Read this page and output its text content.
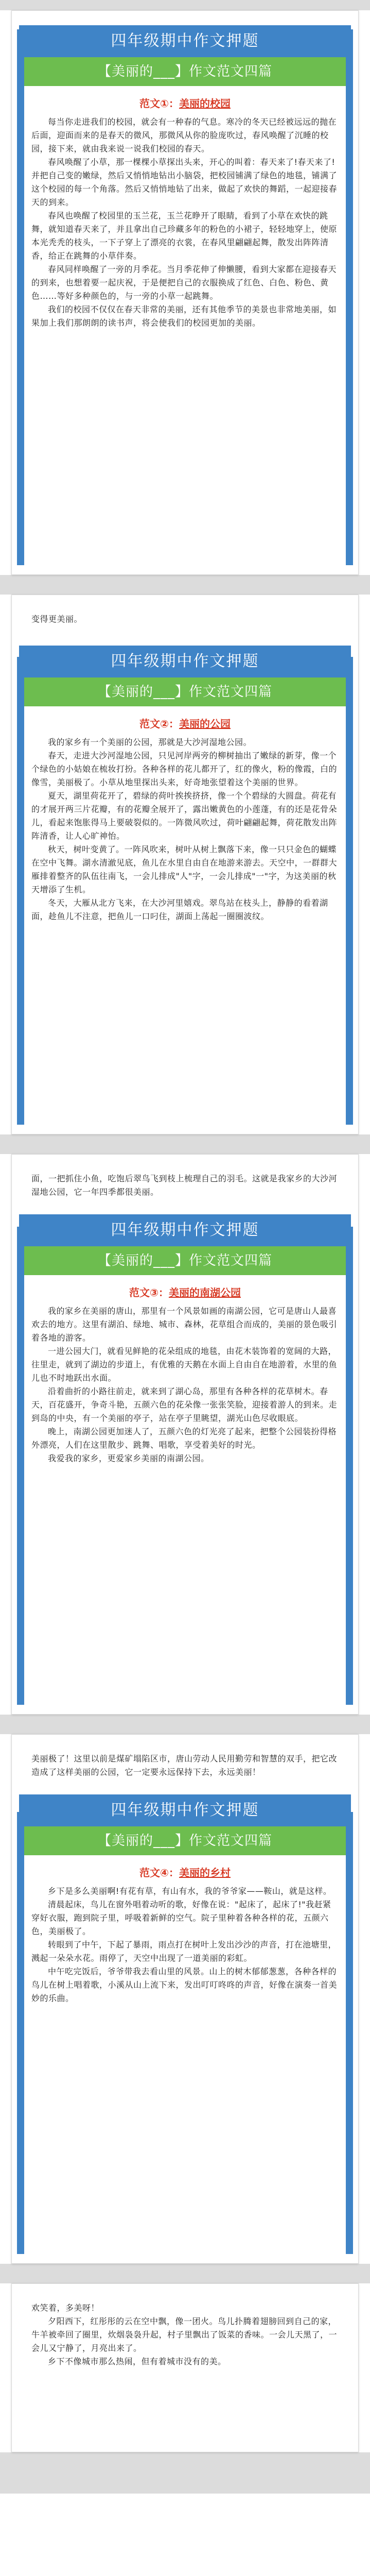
四年级期中作文押题
【美丽的___】作文范文四篇
范文①：美丽的校园

每当你走进我们的校园，就会有一种春的气息。寒冷的冬天已经被远远的抛在后面，迎面而来的是春天的微风，那微风从你的脸庞吹过，春风唤醒了沉睡的校园，接下来，就由我来说一说我们校园的春天。

春风唤醒了小草，那一棵棵小草探出头来，开心的叫着：春天来了!春天来了!并把自己变的嫩绿，然后又悄悄地钻出小脑袋，把校园铺满了绿色的地毯，铺满了这个校园的每一个角落。然后又悄悄地钻了出来，做起了欢快的舞蹈，一起迎接春天的到来。

春风也唤醒了校园里的玉兰花，玉兰花睁开了眼睛，看到了小草在欢快的跳舞，就知道春天来了，并且拿出自己珍藏多年的粉色的小裙子，轻轻地穿上，使原本光秃秃的枝头，一下子穿上了漂亮的衣裳，在春风里翩翩起舞，散发出阵阵清香，给正在跳舞的小草伴奏。

春风同样唤醒了一旁的月季花。当月季花伸了伸懒腰，看到大家都在迎接春天的到来，也想着要一起庆祝，于是便把自己的衣服换成了红色、白色、粉色、黄色……等好多种颜色的，与一旁的小草一起跳舞。

我们的校园不仅仅在春天非常的美丽，还有其他季节的美景也非常地美丽，如果加上我们那朗朗的读书声，将会使我们的校园更加的美丽。

变得更美丽。

四年级期中作文押题
【美丽的___】作文范文四篇
范文②：美丽的公园

我的家乡有一个美丽的公园，那就是大沙河湿地公园。

春天，走进大沙河湿地公园，只见河岸两旁的柳树抽出了嫩绿的新芽，像一个个绿色的小姑娘在梳妆打扮。各种各样的花儿都开了，红的像火，粉的像霞，白的像雪，美丽极了。小草从地里探出头来，好奇地张望着这个美丽的世界。

夏天，湖里荷花开了，碧绿的荷叶挨挨挤挤，像一个个碧绿的大圆盘。荷花有的才展开两三片花瓣，有的花瓣全展开了，露出嫩黄色的小莲蓬，有的还是花骨朵儿，看起来饱胀得马上要破裂似的。一阵微风吹过，荷叶翩翩起舞，荷花散发出阵阵清香，让人心旷神怡。

秋天，树叶变黄了。一阵风吹来，树叶从树上飘落下来，像一只只金色的蝴蝶在空中飞舞。湖水清澈见底，鱼儿在水里自由自在地游来游去。天空中，一群群大雁排着整齐的队伍往南飞，一会儿排成"人"字，一会儿排成"一"字，为这美丽的秋天增添了生机。

冬天，大雁从北方飞来，在大沙河里嬉戏。翠鸟站在枝头上，静静的看着湖面，趁鱼儿不注意，把鱼儿一口叼住，湖面上荡起一圈圈波纹。

面，一把抓住小鱼，吃饱后翠鸟飞到枝上梳理自己的羽毛。这就是我家乡的大沙河湿地公园，它一年四季都很美丽。

四年级期中作文押题
【美丽的___】作文范文四篇
范文③：美丽的南湖公园

我的家乡在美丽的唐山，那里有一个风景如画的南湖公园，它可是唐山人最喜欢去的地方。这里有湖泊、绿地、城市、森林，花草组合而成的，美丽的景色吸引着各地的游客。

一进公园大门，就看见鲜艳的花朵组成的地毯，由花木装饰着的宽阔的大路，往里走，就到了湖边的步道上，有优雅的天鹅在水面上自由自在地游着，水里的鱼儿也不时地跃出水面。

沿着曲折的小路往前走，就来到了湖心岛，那里有各种各样的花草树木。春天，百花盛开，争奇斗艳，五颜六色的花朵像一张张笑脸，迎接着游人的到来。走到岛的中央，有一个美丽的亭子，站在亭子里眺望，湖光山色尽收眼底。

晚上，南湖公园更加迷人了，五颜六色的灯光亮了起来，把整个公园装扮得格外漂亮，人们在这里散步、跳舞、唱歌，享受着美好的时光。

我爱我的家乡，更爱家乡美丽的南湖公园。

美丽极了！这里以前是煤矿塌陷区市，唐山劳动人民用勤劳和智慧的双手，把它改造成了这样美丽的公园，它一定要永远保持下去，永远美丽！

四年级期中作文押题
【美丽的___】作文范文四篇
范文④：美丽的乡村

乡下是多么美丽啊!有花有草，有山有水，我的爷爷家——鞍山，就是这样。

清晨起床，鸟儿在窗外唱着动听的歌，好像在说："起床了，起床了!"我赶紧穿好衣服，跑到院子里，呼吸着新鲜的空气。院子里种着各种各样的花，五颜六色，美丽极了。

转眼到了中午，下起了暴雨，雨点打在树叶上发出沙沙的声音，打在池塘里，溅起一朵朵水花。雨停了，天空中出现了一道美丽的彩虹。

中午吃完饭后，爷爷带我去看山里的风景。山上的树木郁郁葱葱，各种各样的鸟儿在树上唱着歌，小溪从山上流下来，发出叮叮咚咚的声音，好像在演奏一首美妙的乐曲。

欢笑着，多美呀！

夕阳西下，红彤彤的云在空中飘，像一团火。鸟儿扑腾着翅膀回到自己的家，牛羊被牵回了圈里，炊烟袅袅升起，村子里飘出了饭菜的香味。一会儿天黑了，一会儿又宁静了，月亮出来了。

乡下不像城市那么热闹，但有着城市没有的美。
